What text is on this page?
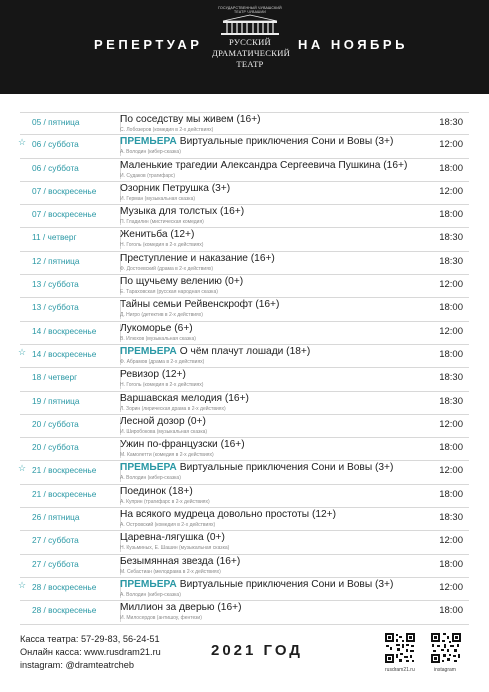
РЕПЕРТУАР
ГОСУДАРСТВЕННЫЙ ЧУВАШСКИЙ
ТЕАТР ЧУВАШИИ
РУССКИЙ
ДРАМАТИЧЕСКИЙ
ТЕАТР
НА НОЯБРЬ
05 / пятница	По соседству мы живем (16+)
С. Лобозеров (комедия в 2-х действиях)
18:30
☆ 06 / суббота	ПРЕМЬЕРА Виртуальные приключения Сони и Вовы (3+)
А. Володин (кибер-сказка)
12:00
06 / суббота	Маленькие трагедии Александра Сергеевича Пушкина (16+)
И. Судаков (трагифарс)
18:00
07 / воскресенье Озорник Петрушка (3+)
И. Герман (музыкальная сказка)
12:00
07 / воскресенье Музыка для толстых (16+)
П. Гладилин (мистическая комедия)
18:00
11 / четверг	Женитьба (12+)
Н. Гоголь (комедия в 2-х действиях)
18:30
12 / пятница	Преступление и наказание (16+)
Ф. Достоевский (драма в 2-х действиях)
18:30
13 / суббота	По щучьему велению (0+)
Е. Тараховская (русская народная сказка)
12:00
13 / суббота	Тайны семьи Рейвенскрофт (16+)
Д. Нигро (детектив в 2-х действиях)
18:00
14 / воскресенье Лукоморье (6+)
В. Илюхов (музыкальная сказка)
12:00
☆ 14 / воскресенье ПРЕМЬЕРА О чём плачут лошади (18+)
Ф. Абрамов (драма в 2-х действиях)
18:00
18 / четверг	Ревизор (12+)
Н. Гоголь (комедия в 2-х действиях)
18:30
19 / пятница	Варшавская мелодия (16+)
Л. Зорин (лирическая драма в 2-х действиях)
18:30
20 / суббота	Лесной дозор (0+)
И. Широбокова (музыкальная сказка)
12:00
20 / суббота	Ужин по-французски (16+)
М. Камолетти (комедия в 2-х действиях)
18:00
☆ 21 / воскресенье ПРЕМЬЕРА Виртуальные приключения Сони и Вовы (3+)
А. Володин (кибер-сказка)
12:00
21 / воскресенье Поединок (18+)
А. Куприн (трагифарс в 2-х действиях)
18:00
26 / пятница	На всякого мудреца довольно простоты (12+)
А. Островский (комедия в 2-х действиях)
18:30
27 / суббота	Царевна-лягушка (0+)
Н. Кузьминых, Е. Шашин (музыкальная сказка)
12:00
27 / суббота	Безымянная звезда (16+)
М. Себастиан (мелодрама в 2-х действиях)
18:00
☆ 28 / воскресенье ПРЕМЬЕРА Виртуальные приключения Сони и Вовы (3+)
А. Володин (кибер-сказка)
12:00
28 / воскресенье Миллион за дверью (16+)
И. Милосердов (антишоу, фентези)
18:00
Касса театра: 57-29-83, 56-24-51
Онлайн касса: www.rusdram21.ru
instagram: @dramteatrcheb
2021 ГОД
rusdram21.ru	instagram
